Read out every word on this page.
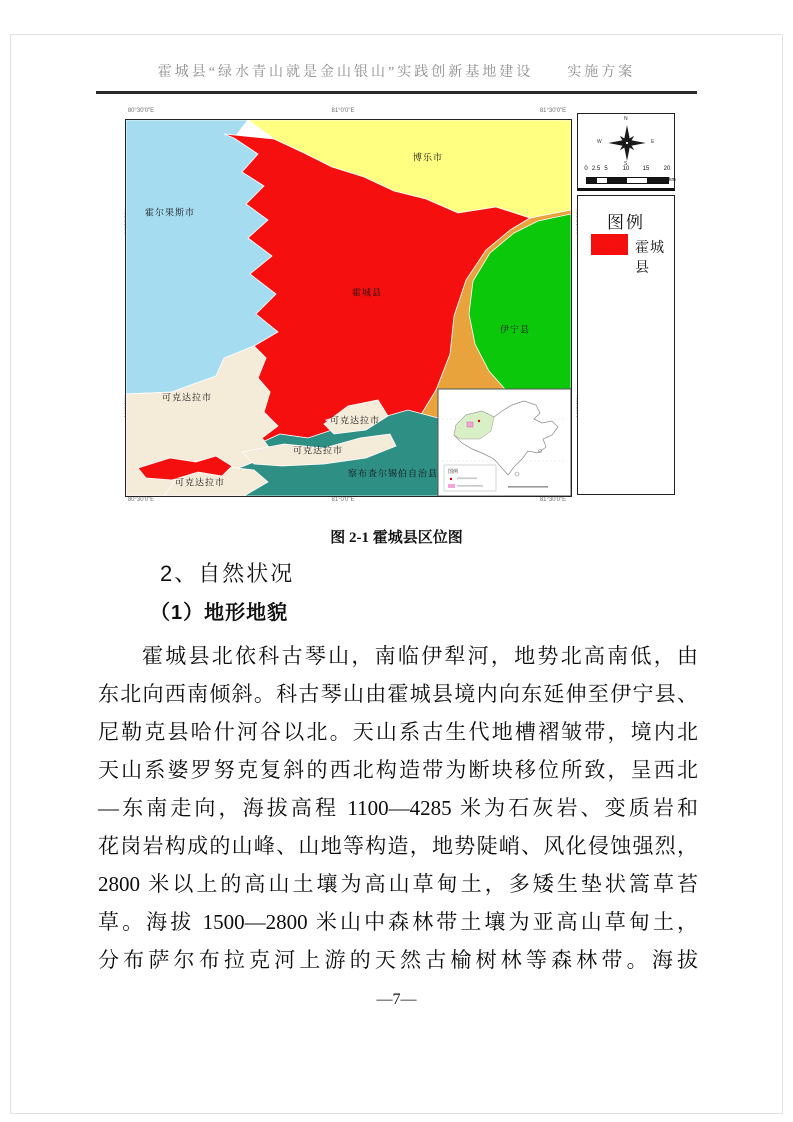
霍城县“绿水青山就是金山银山”实践创新基地建设　　实施方案
80°30'0"E	81°0'0"E	81°30'0"E
80°30'0"E	81°0'0"E	81°30'0"E
图例
霍尔果斯市
博乐市
霍城县
伊宁县
可克达拉市
可克达拉市
可克达拉市
可克达拉市
察布查尔锡伯自治县
N
E
S
W
0 2.5 5 10 15 20
km
图例
霍城县
图 2-1 霍城县区位图
2、自然状况
（1）地形地貌
霍城县北依科古琴山，南临伊犁河，地势北高南低，由
东北向西南倾斜。科古琴山由霍城县境内向东延伸至伊宁县、
尼勒克县哈什河谷以北。天山系古生代地槽褶皱带，境内北
天山系婆罗努克复斜的西北构造带为断块移位所致，呈西北
—东南走向，海拔高程 1100—4285 米为石灰岩、变质岩和
花岗岩构成的山峰、山地等构造，地势陡峭、风化侵蚀强烈，
2800 米以上的高山土壤为高山草甸土，多矮生垫状篙草苔
草。海拔 1500—2800 米山中森林带土壤为亚高山草甸土，
分布萨尔布拉克河上游的天然古榆树林等森林带。海拔
—7—
